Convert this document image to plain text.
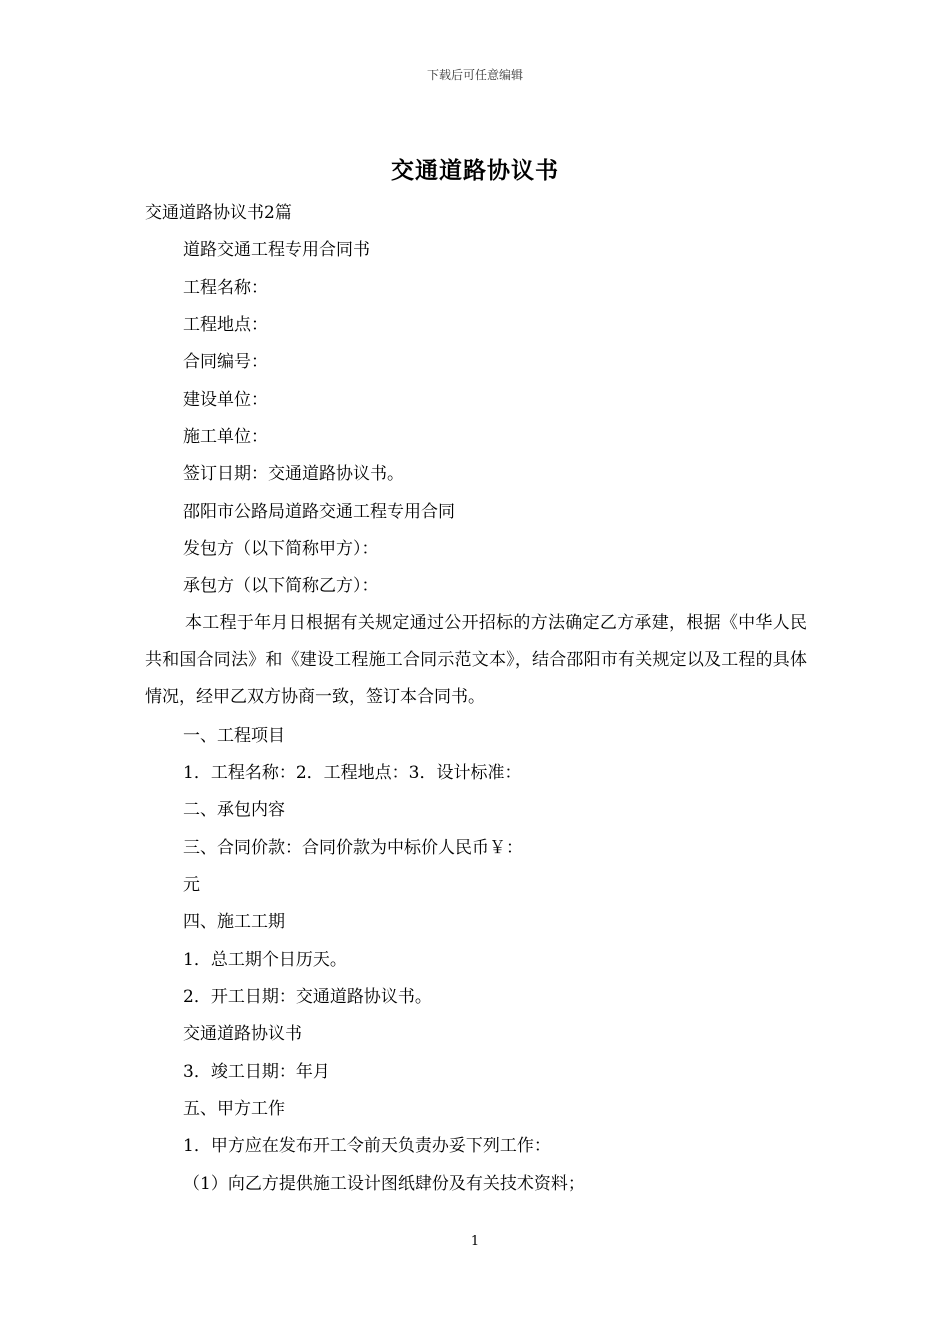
下载后可任意编辑
交通道路协议书
交通道路协议书2篇
道路交通工程专用合同书
工程名称：
工程地点：
合同编号：
建设单位：
施工单位：
签订日期：交通道路协议书。
邵阳市公路局道路交通工程专用合同
发包方（以下简称甲方）：
承包方（以下简称乙方）：
本工程于年月日根据有关规定通过公开招标的方法确定乙方承建，根据《中华人民共和国合同法》和《建设工程施工合同示范文本》，结合邵阳市有关规定以及工程的具体情况，经甲乙双方协商一致，签订本合同书。
一、工程项目
1．工程名称：2．工程地点：3．设计标准：
二、承包内容
三、合同价款：合同价款为中标价人民币￥：
元
四、施工工期
1．总工期个日历天。
2．开工日期：交通道路协议书。
交通道路协议书
3．竣工日期：年月
五、甲方工作
1．甲方应在发布开工令前天负责办妥下列工作：
（1）向乙方提供施工设计图纸肆份及有关技术资料；
1
